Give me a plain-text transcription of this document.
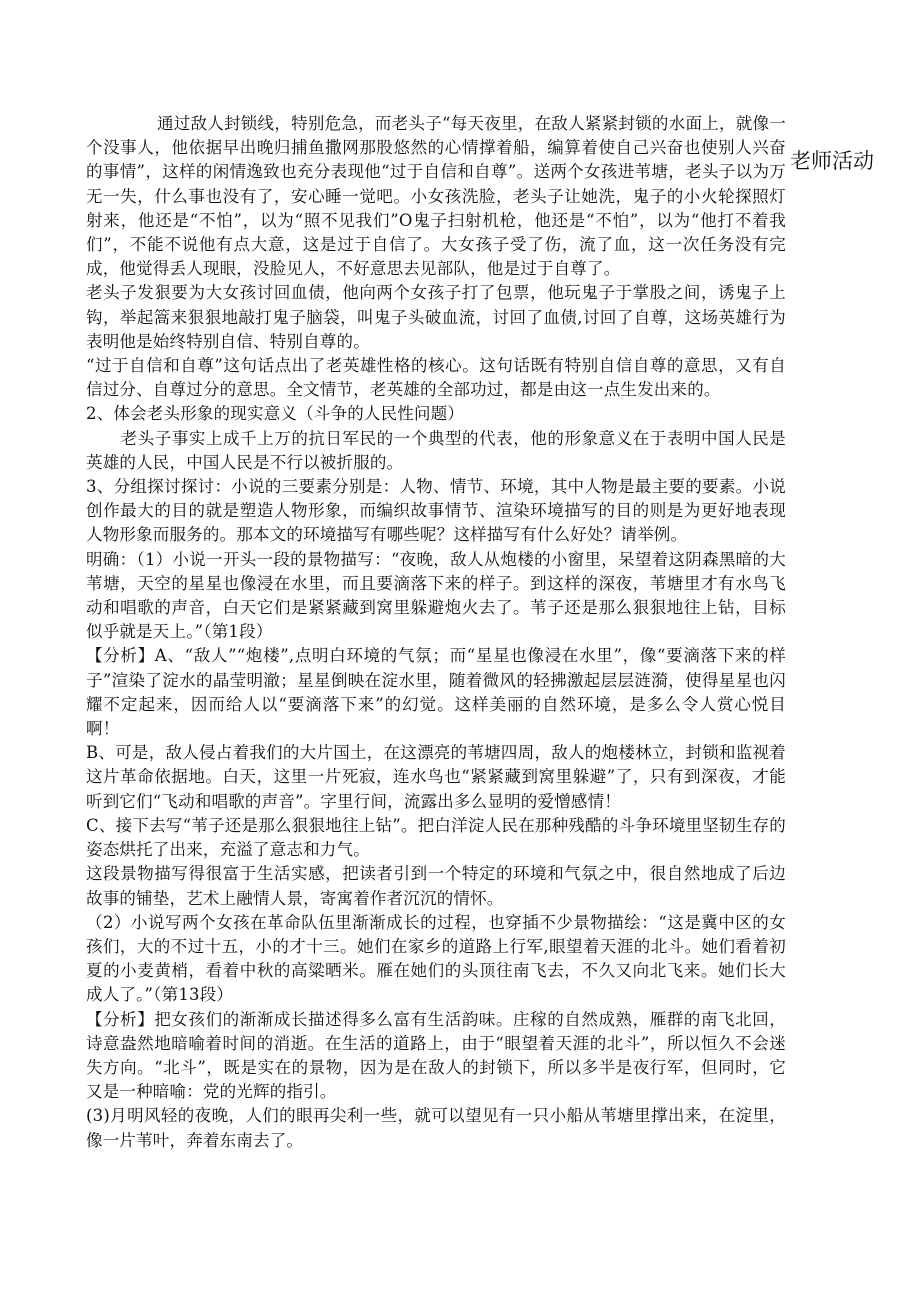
老师活动

通过敌人封锁线，特别危急，而老头子“每天夜里，在敌人紧紧封锁的水面上，就像一个没事人，他依据早出晚归捕鱼撒网那股悠然的心情撑着船，编算着使自己兴奋也使别人兴奋的事情”，这样的闲情逸致也充分表现他“过于自信和自尊”。送两个女孩进苇塘，老头子以为万无一失，什么事也没有了，安心睡一觉吧。小女孩洗脸，老头子让她洗，鬼子的小火轮探照灯射来，他还是“不怕”，以为“照不见我们”O鬼子扫射机枪，他还是“不怕”，以为“他打不着我们”，不能不说他有点大意，这是过于自信了。大女孩子受了伤，流了血，这一次任务没有完成，他觉得丢人现眼，没脸见人，不好意思去见部队，他是过于自尊了。

老头子发狠要为大女孩讨回血债，他向两个女孩子打了包票，他玩鬼子于掌股之间，诱鬼子上钩，举起篙来狠狠地敲打鬼子脑袋，叫鬼子头破血流，讨回了血债,讨回了自尊，这场英雄行为表明他是始终特别自信、特别自尊的。

“过于自信和自尊”这句话点出了老英雄性格的核心。这句话既有特别自信自尊的意思，又有自信过分、自尊过分的意思。全文情节，老英雄的全部功过，都是由这一点生发出来的。

2、体会老头形象的现实意义（斗争的人民性问题）

老头子事实上成千上万的抗日军民的一个典型的代表，他的形象意义在于表明中国人民是英雄的人民，中国人民是不行以被折服的。

3、分组探讨探讨：小说的三要素分别是：人物、情节、环境，其中人物是最主要的要素。小说创作最大的目的就是塑造人物形象，而编织故事情节、渲染环境描写的目的则是为更好地表现人物形象而服务的。那本文的环境描写有哪些呢？这样描写有什么好处？请举例。

明确：（1）小说一开头一段的景物描写：“夜晚，敌人从炮楼的小窗里，呆望着这阴森黑暗的大苇塘，天空的星星也像浸在水里，而且要滴落下来的样子。到这样的深夜，苇塘里才有水鸟飞动和唱歌的声音，白天它们是紧紧藏到窝里躲避炮火去了。苇子还是那么狠狠地往上钻，目标似乎就是天上。”（第1段）

【分析】A、“敌人”“炮楼”,点明白环境的气氛；而“星星也像浸在水里”，像“要滴落下来的样子”渲染了淀水的晶莹明澈；星星倒映在淀水里，随着微风的轻拂激起层层涟漪，使得星星也闪耀不定起来，因而给人以“要滴落下来”的幻觉。这样美丽的自然环境，是多么令人赏心悦目啊！

B、可是，敌人侵占着我们的大片国土，在这漂亮的苇塘四周，敌人的炮楼林立，封锁和监视着这片革命依据地。白天，这里一片死寂，连水鸟也“紧紧藏到窝里躲避”了，只有到深夜，才能听到它们“飞动和唱歌的声音”。字里行间，流露出多么显明的爱憎感情！

C、接下去写“苇子还是那么狠狠地往上钻”。把白洋淀人民在那种残酷的斗争环境里坚韧生存的姿态烘托了出来，充溢了意志和力气。

这段景物描写得很富于生活实感，把读者引到一个特定的环境和气氛之中，很自然地成了后边故事的铺垫，艺术上融情人景，寄寓着作者沉沉的情怀。

（2）小说写两个女孩在革命队伍里渐渐成长的过程，也穿插不少景物描绘：“这是冀中区的女孩们，大的不过十五，小的才十三。她们在家乡的道路上行军,眼望着天涯的北斗。她们看着初夏的小麦黄梢，看着中秋的高粱晒米。雁在她们的头顶往南飞去，不久又向北飞来。她们长大成人了。”（第13段）

【分析】把女孩们的渐渐成长描述得多么富有生活韵味。庄稼的自然成熟，雁群的南飞北回，诗意盎然地暗喻着时间的消逝。在生活的道路上，由于“眼望着天涯的北斗”，所以恒久不会迷失方向。“北斗”，既是实在的景物，因为是在敌人的封锁下，所以多半是夜行军，但同时，它又是一种暗喻：党的光辉的指引。

(3)月明风轻的夜晚，人们的眼再尖利一些，就可以望见有一只小船从苇塘里撑出来，在淀里，像一片苇叶，奔着东南去了。
